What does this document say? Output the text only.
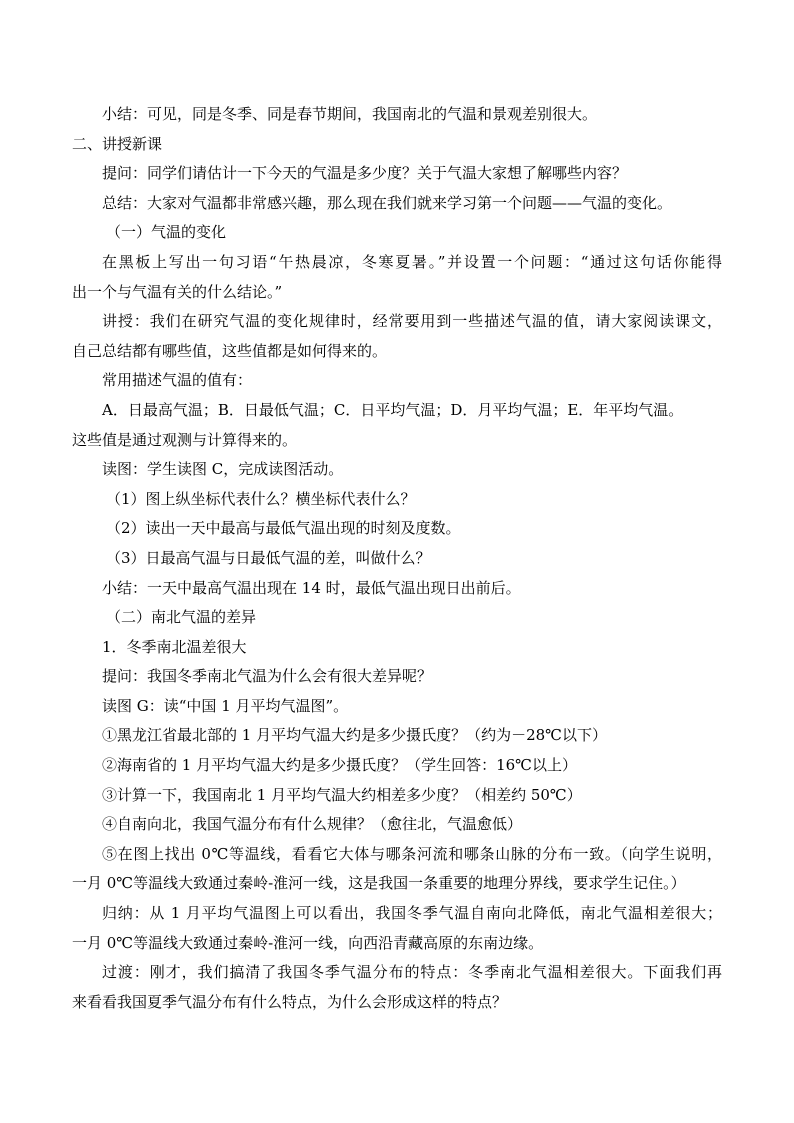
小结：可见，同是冬季、同是春节期间，我国南北的气温和景观差别很大。
二、讲授新课
提问：同学们请估计一下今天的气温是多少度？关于气温大家想了解哪些内容？
总结：大家对气温都非常感兴趣，那么现在我们就来学习第一个问题——气温的变化。
（一）气温的变化
在黑板上写出一句习语“午热晨凉，冬寒夏暑。”并设置一个问题：“通过这句话你能得
出一个与气温有关的什么结论。”
讲授：我们在研究气温的变化规律时，经常要用到一些描述气温的值，请大家阅读课文，
自己总结都有哪些值，这些值都是如何得来的。
常用描述气温的值有：
A．日最高气温；B．日最低气温；C．日平均气温；D．月平均气温；E．年平均气温。
这些值是通过观测与计算得来的。
读图：学生读图 C，完成读图活动。
（1）图上纵坐标代表什么？横坐标代表什么？
（2）读出一天中最高与最低气温出现的时刻及度数。
（3）日最高气温与日最低气温的差，叫做什么？
小结：一天中最高气温出现在 14 时，最低气温出现日出前后。
（二）南北气温的差异
1．冬季南北温差很大
提问：我国冬季南北气温为什么会有很大差异呢？
读图 G：读“中国 1 月平均气温图”。
①黑龙江省最北部的 1 月平均气温大约是多少摄氏度？（约为－28℃以下）
②海南省的 1 月平均气温大约是多少摄氏度？（学生回答：16℃以上）
③计算一下，我国南北 1 月平均气温大约相差多少度？（相差约 50℃）
④自南向北，我国气温分布有什么规律？（愈往北，气温愈低）
⑤在图上找出 0℃等温线，看看它大体与哪条河流和哪条山脉的分布一致。（向学生说明，
一月 0℃等温线大致通过秦岭-淮河一线，这是我国一条重要的地理分界线，要求学生记住。）
归纳：从 1 月平均气温图上可以看出，我国冬季气温自南向北降低，南北气温相差很大；
一月 0℃等温线大致通过秦岭-淮河一线，向西沿青藏高原的东南边缘。
过渡：刚才，我们搞清了我国冬季气温分布的特点：冬季南北气温相差很大。下面我们再
来看看我国夏季气温分布有什么特点，为什么会形成这样的特点？
